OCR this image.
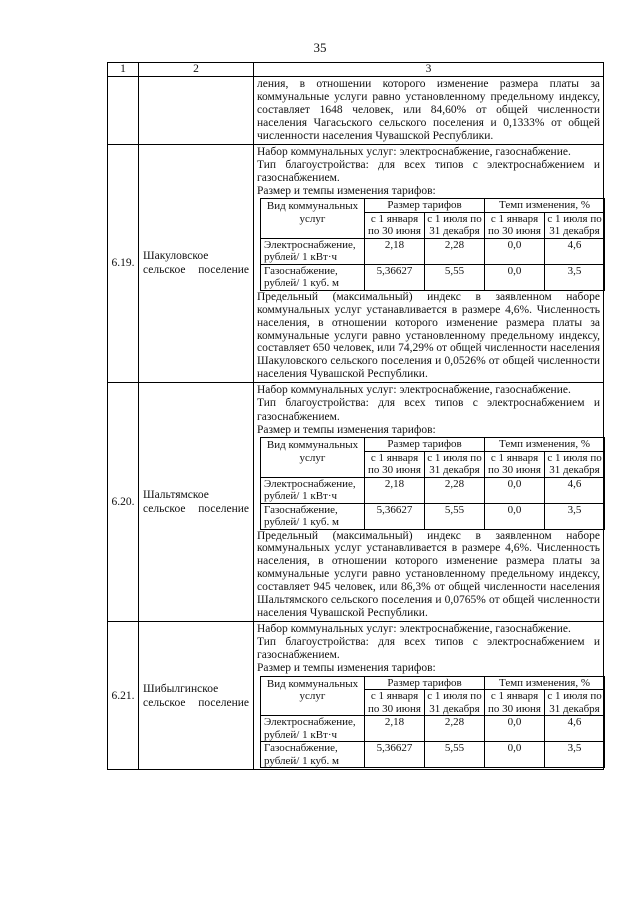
35
1	2	3

ления, в отношении которого изменение размера платы за коммунальные услуги равно установленному предельному индексу, составляет 1648 человек, или 84,60% от общей численности населения Чагасьского сельского поселения и 0,1333% от общей численности населения Чувашской Республики.

6.19.	Шакуловское сельское поселение	

Набор коммунальных услуг: электроснабжение, газоснабжение.

Тип благоустройства: для всех типов с электроснабжением и газоснабжением.

Размер и темпы изменения тарифов:

Вид коммунальных услуг	Размер тарифов	Темп изменения, %
с 1 января по 30 июня	с 1 июля по 31 декабря	с 1 января по 30 июня	с 1 июля по 31 декабря
Электроснабжение, рублей/ 1 кВт·ч	2,18	2,28	0,0	4,6
Газоснабжение, рублей/ 1 куб. м	5,36627	5,55	0,0	3,5

Предельный (максимальный) индекс в заявленном наборе коммунальных услуг устанавливается в размере 4,6%. Численность населения, в отношении которого изменение размера платы за коммунальные услуги равно установленному предельному индексу, составляет 650 человек, или 74,29% от общей численности населения Шакуловского сельского поселения и 0,0526% от общей численности населения Чувашской Республики.

6.20.	Шальтямское сельское поселение	

Набор коммунальных услуг: электроснабжение, газоснабжение.

Тип благоустройства: для всех типов с электроснабжением и газоснабжением.

Размер и темпы изменения тарифов:

Вид коммунальных услуг	Размер тарифов	Темп изменения, %
с 1 января по 30 июня	с 1 июля по 31 декабря	с 1 января по 30 июня	с 1 июля по 31 декабря
Электроснабжение, рублей/ 1 кВт·ч	2,18	2,28	0,0	4,6
Газоснабжение, рублей/ 1 куб. м	5,36627	5,55	0,0	3,5

Предельный (максимальный) индекс в заявленном наборе коммунальных услуг устанавливается в размере 4,6%. Численность населения, в отношении которого изменение размера платы за коммунальные услуги равно установленному предельному индексу, составляет 945 человек, или 86,3% от общей численности населения Шальтямского сельского поселения и 0,0765% от общей численности населения Чувашской Республики.

6.21.	Шибылгинское сельское поселение	

Набор коммунальных услуг: электроснабжение, газоснабжение.

Тип благоустройства: для всех типов с электроснабжением и газоснабжением.

Размер и темпы изменения тарифов:

Вид коммунальных услуг	Размер тарифов	Темп изменения, %
с 1 января по 30 июня	с 1 июля по 31 декабря	с 1 января по 30 июня	с 1 июля по 31 декабря
Электроснабжение, рублей/ 1 кВт·ч	2,18	2,28	0,0	4,6
Газоснабжение, рублей/ 1 куб. м	5,36627	5,55	0,0	3,5
